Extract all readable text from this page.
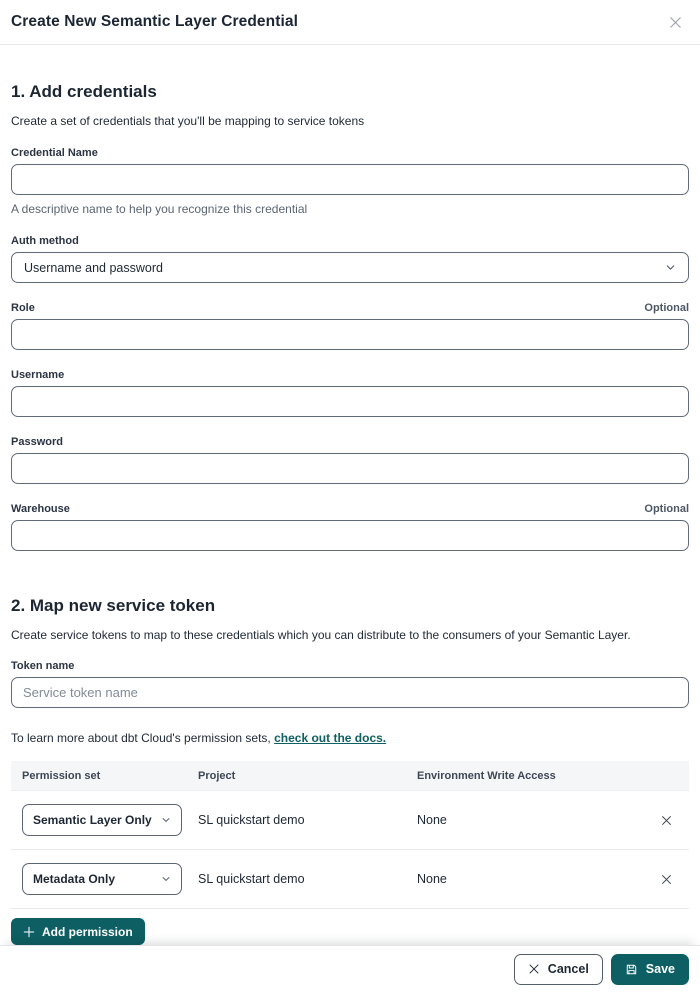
Create New Semantic Layer Credential
1. Add credentials
Create a set of credentials that you'll be mapping to service tokens
Credential Name
A descriptive name to help you recognize this credential
Auth method
Username and password
Role	Optional
Username
Password
Warehouse	Optional
2. Map new service token
Create service tokens to map to these credentials which you can distribute to the consumers of your Semantic Layer.
Token name
Service token name
To learn more about dbt Cloud's permission sets, check out the docs.
Permission set	Project	Environment Write Access
Semantic Layer Only	SL quickstart demo	None
Metadata Only	SL quickstart demo	None
Add permission
Cancel	Save
